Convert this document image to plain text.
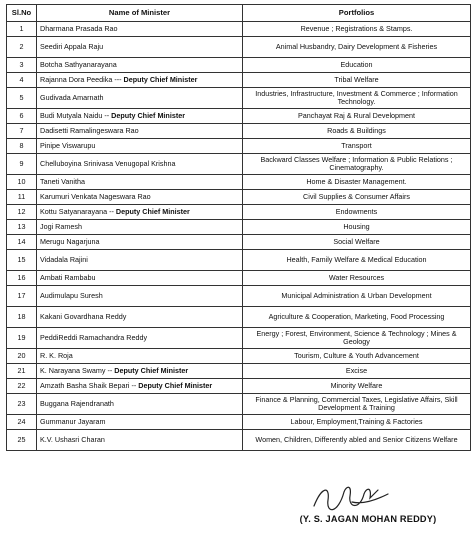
Sl.No	Name of Minister	Portfolios
1	Dharmana Prasada Rao	Revenue ; Registrations & Stamps.
2	Seediri Appala Raju	Animal Husbandry, Dairy Development & Fisheries
3	Botcha Sathyanarayana	Education
4	Rajanna Dora Peedika --- Deputy Chief Minister	Tribal Welfare
5	Gudivada Amarnath	Industries, Infrastructure, Investment & Commerce ; Information Technology.
6	Budi Mutyala Naidu -- Deputy Chief Minister	Panchayat Raj & Rural Development
7	Dadisetti Ramalingeswara Rao	Roads & Buildings
8	Pinipe Viswarupu	Transport
9	Chelluboyina Srinivasa Venugopal Krishna	Backward Classes Welfare ; Information & Public Relations ; Cinematography.
10	Taneti Vanitha	Home & Disaster Management.
11	Karumuri Venkata Nageswara Rao	Civil Supplies & Consumer Affairs
12	Kottu Satyanarayana -- Deputy Chief Minister	Endowments
13	Jogi Ramesh	Housing
14	Merugu Nagarjuna	Social Welfare
15	Vidadala Rajini	Health, Family Welfare & Medical Education
16	Ambati Rambabu	Water Resources
17	Audimulapu Suresh	Municipal Administration & Urban Development
18	Kakani Govardhana Reddy	Agriculture & Cooperation, Marketing, Food Processing
19	PeddiReddi Ramachandra Reddy	Energy ; Forest, Environment, Science & Technology ; Mines & Geology
20	R. K. Roja	Tourism, Culture & Youth Advancement
21	K. Narayana Swamy -- Deputy Chief Minister	Excise
22	Amzath Basha Shaik Bepari -- Deputy Chief Minister	Minority Welfare
23	Buggana Rajendranath	Finance & Planning, Commercial Taxes, Legislative Affairs, Skill Development & Training
24	Gummanur Jayaram	Labour, Employment,Training & Factories
25	K.V. Ushasri Charan	Women, Children, Differently abled and Senior Citizens Welfare
(Y. S. JAGAN MOHAN REDDY)
